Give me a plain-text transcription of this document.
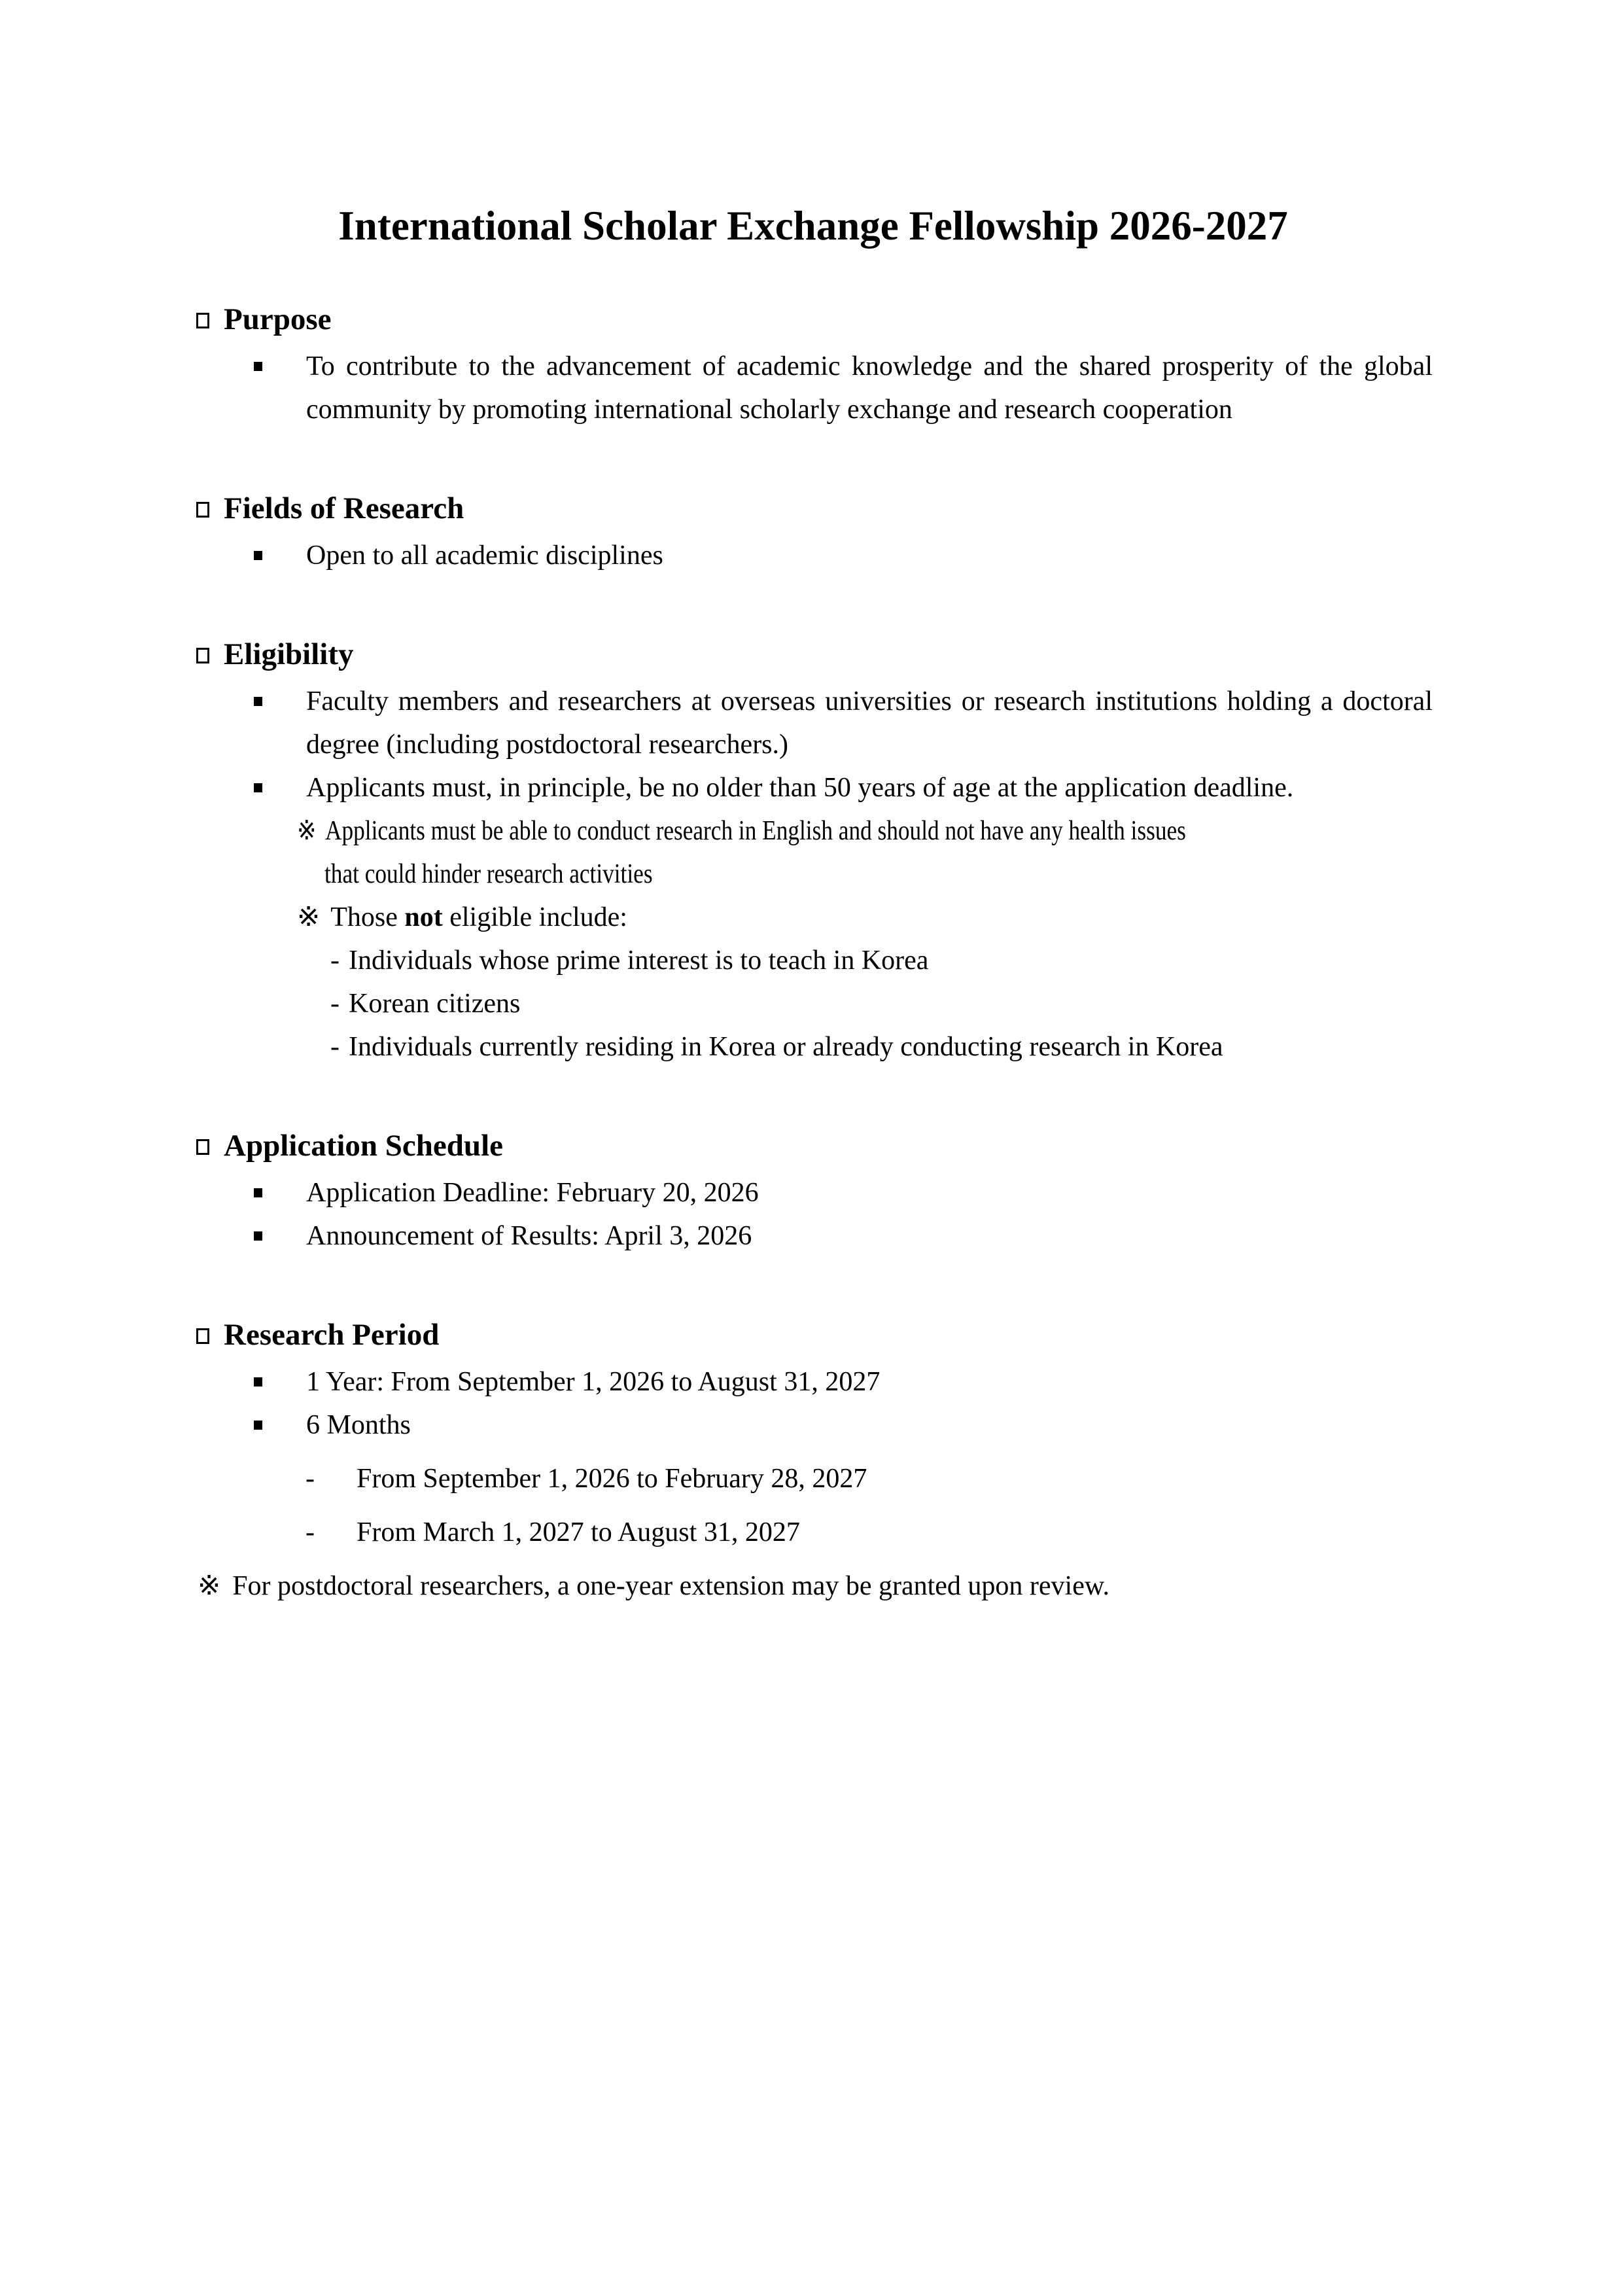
International Scholar Exchange Fellowship 2026-2027
Purpose
To contribute to the advancement of academic knowledge and the shared prosperity of the global community by promoting international scholarly exchange and research cooperation
Fields of Research
Open to all academic disciplines
Eligibility
Faculty members and researchers at overseas universities or research institutions holding a doctoral degree (including postdoctoral researchers.)
Applicants must, in principle, be no older than 50 years of age at the application deadline.
※ Applicants must be able to conduct research in English and should not have any health issues
that could hinder research activities
※ Those not eligible include:
- Individuals whose prime interest is to teach in Korea
- Korean citizens
- Individuals currently residing in Korea or already conducting research in Korea
Application Schedule
Application Deadline: February 20, 2026
Announcement of Results: April 3, 2026
Research Period
1 Year: From September 1, 2026 to August 31, 2027
6 Months
- From September 1, 2026 to February 28, 2027
- From March 1, 2027 to August 31, 2027
※ For postdoctoral researchers, a one-year extension may be granted upon review.
